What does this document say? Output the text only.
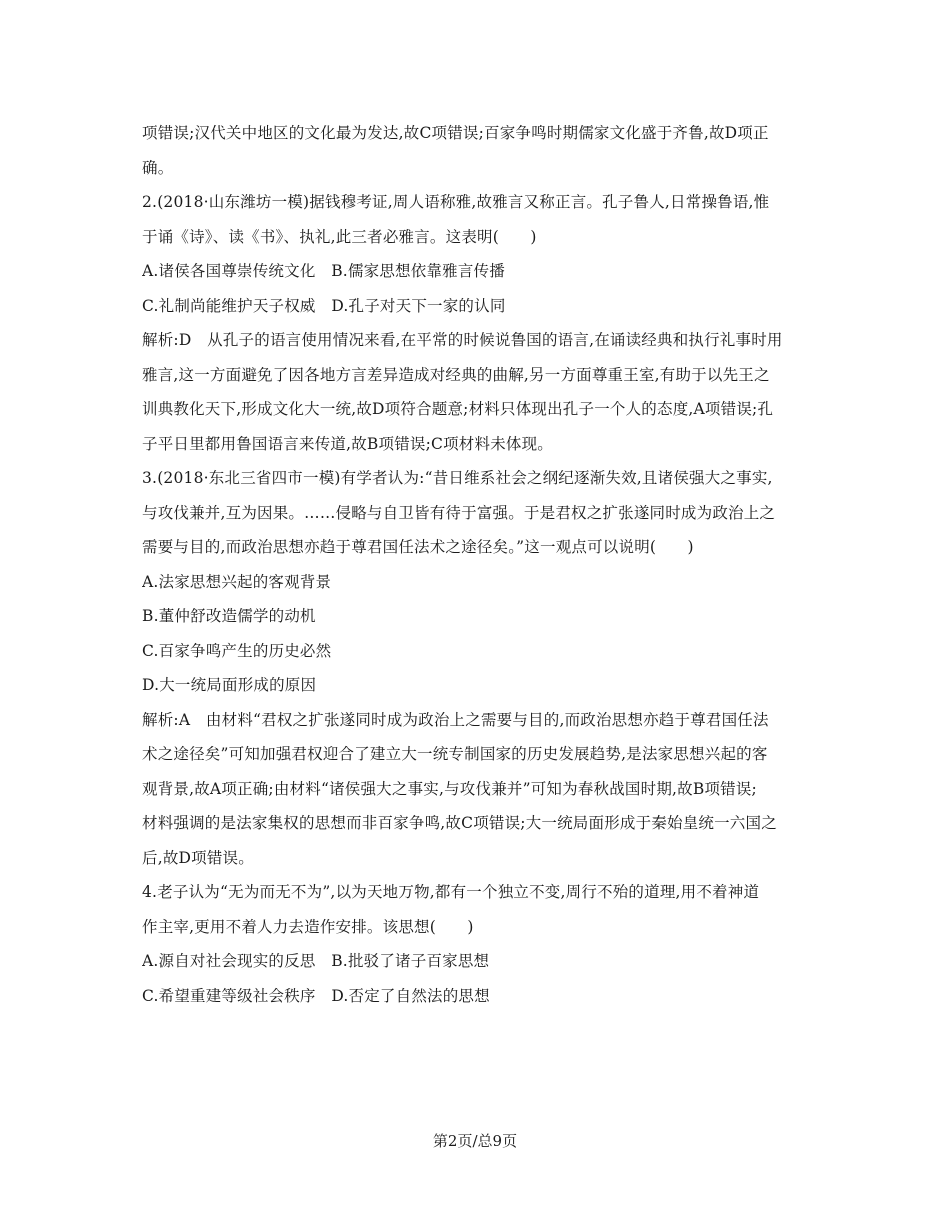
项错误;汉代关中地区的文化最为发达,故C项错误;百家争鸣时期儒家文化盛于齐鲁,故D项正
确。
2.(2018·山东潍坊一模)据钱穆考证,周人语称雅,故雅言又称正言。孔子鲁人,日常操鲁语,惟
于诵《诗》、读《书》、执礼,此三者必雅言。这表明(　　)
A.诸侯各国尊崇传统文化　B.儒家思想依靠雅言传播
C.礼制尚能维护天子权威　D.孔子对天下一家的认同
解析:D　从孔子的语言使用情况来看,在平常的时候说鲁国的语言,在诵读经典和执行礼事时用
雅言,这一方面避免了因各地方言差异造成对经典的曲解,另一方面尊重王室,有助于以先王之
训典教化天下,形成文化大一统,故D项符合题意;材料只体现出孔子一个人的态度,A项错误;孔
子平日里都用鲁国语言来传道,故B项错误;C项材料未体现。
3.(2018·东北三省四市一模)有学者认为:“昔日维系社会之纲纪逐渐失效,且诸侯强大之事实,
与攻伐兼并,互为因果。……侵略与自卫皆有待于富强。于是君权之扩张遂同时成为政治上之
需要与目的,而政治思想亦趋于尊君国任法术之途径矣。”这一观点可以说明(　　)
A.法家思想兴起的客观背景
B.董仲舒改造儒学的动机
C.百家争鸣产生的历史必然
D.大一统局面形成的原因
解析:A　由材料“君权之扩张遂同时成为政治上之需要与目的,而政治思想亦趋于尊君国任法
术之途径矣”可知加强君权迎合了建立大一统专制国家的历史发展趋势,是法家思想兴起的客
观背景,故A项正确;由材料“诸侯强大之事实,与攻伐兼并”可知为春秋战国时期,故B项错误;
材料强调的是法家集权的思想而非百家争鸣,故C项错误;大一统局面形成于秦始皇统一六国之
后,故D项错误。
4.老子认为“无为而无不为”,以为天地万物,都有一个独立不变,周行不殆的道理,用不着神道
作主宰,更用不着人力去造作安排。该思想(　　)
A.源自对社会现实的反思　B.批驳了诸子百家思想
C.希望重建等级社会秩序　D.否定了自然法的思想
第2页/总9页
